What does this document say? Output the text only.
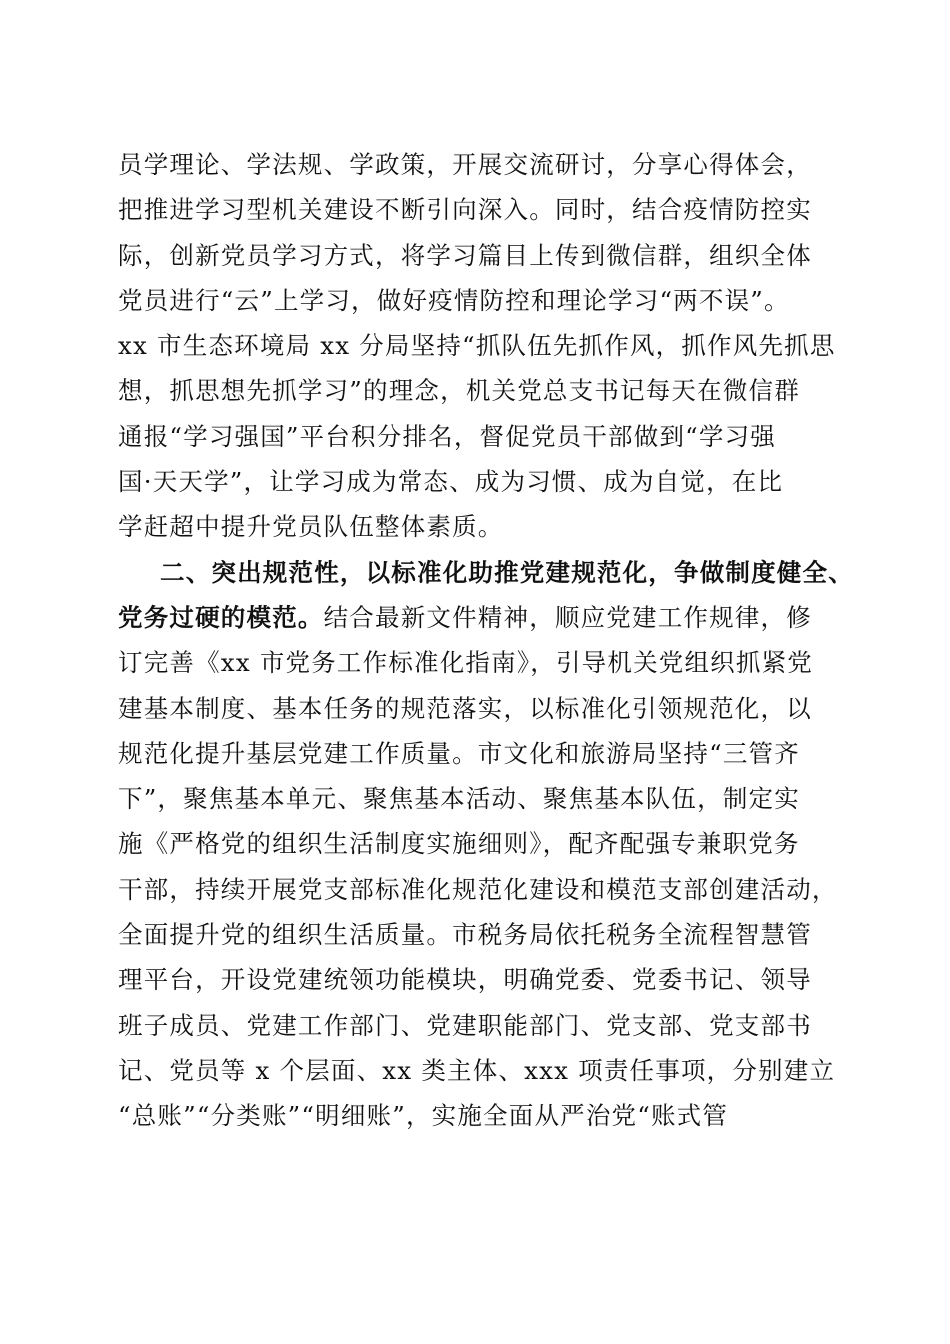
员学理论、学法规、学政策，开展交流研讨，分享心得体会，
把推进学习型机关建设不断引向深入。同时，结合疫情防控实
际，创新党员学习方式，将学习篇目上传到微信群，组织全体
党员进行“云”上学习，做好疫情防控和理论学习“两不误”。
xx 市生态环境局 xx 分局坚持“抓队伍先抓作风，抓作风先抓思
想，抓思想先抓学习”的理念，机关党总支书记每天在微信群
通报“学习强国”平台积分排名，督促党员干部做到“学习强
国·天天学”，让学习成为常态、成为习惯、成为自觉，在比
学赶超中提升党员队伍整体素质。
二、突出规范性，以标准化助推党建规范化，争做制度健全、
党务过硬的模范。结合最新文件精神，顺应党建工作规律，修
订完善《xx 市党务工作标准化指南》，引导机关党组织抓紧党
建基本制度、基本任务的规范落实，以标准化引领规范化，以
规范化提升基层党建工作质量。市文化和旅游局坚持“三管齐
下”，聚焦基本单元、聚焦基本活动、聚焦基本队伍，制定实
施《严格党的组织生活制度实施细则》，配齐配强专兼职党务
干部，持续开展党支部标准化规范化建设和模范支部创建活动，
全面提升党的组织生活质量。市税务局依托税务全流程智慧管
理平台，开设党建统领功能模块，明确党委、党委书记、领导
班子成员、党建工作部门、党建职能部门、党支部、党支部书
记、党员等 x 个层面、xx 类主体、xxx 项责任事项，分别建立
“总账”“分类账”“明细账”，实施全面从严治党“账式管
